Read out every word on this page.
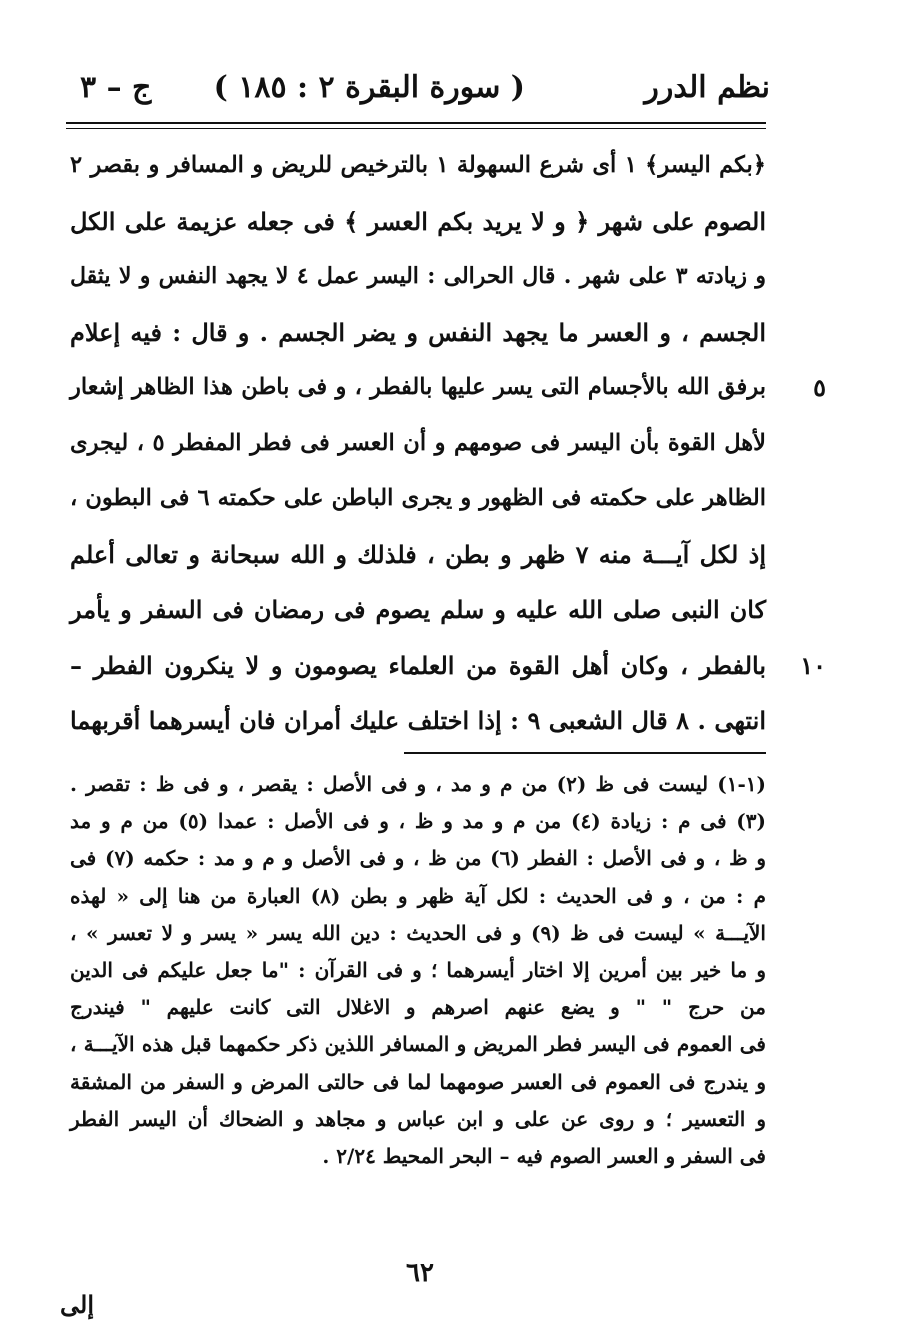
نظم الدرر
( سورة البقرة ٢ : ١٨٥ )
ج – ٣
﴿بكم اليسر﴾ ١ أى شرع السهولة ١ بالترخيص للريض و المسافر و بقصر ٢
الصوم على شهر ﴿ و لا يريد بكم العسر ﴾ فى جعله عزيمة على الكل
و زيادته ٣ على شهر . قال الحرالى : اليسر عمل ٤ لا يجهد النفس و لا يثقل
الجسم ، و العسر ما يجهد النفس و يضر الجسم . و قال : فيه إعلام
٥
برفق الله بالأجسام التى يسر عليها بالفطر ، و فى باطن هذا الظاهر إشعار
لأهل القوة بأن اليسر فى صومهم و أن العسر فى فطر المفطر ٥ ، ليجرى
الظاهر على حكمته فى الظهور و يجرى الباطن على حكمته ٦ فى البطون ،
إذ لكل آيـــة منه ٧ ظهر و بطن ، فلذلك و الله سبحانة و تعالى أعلم
كان النبى صلى الله عليه و سلم يصوم فى رمضان فى السفر و يأمر
١٠
بالفطر ، وكان أهل القوة من العلماء يصومون و لا ينكرون الفطر –
انتهى . ٨ قال الشعبى ٩ : إذا اختلف عليك أمران فان أيسرهما أقربهما
(١-١) ليست فى ظ (٢) من م و مد ، و فى الأصل : يقصر ، و فى ظ : تقصر .
(٣) فى م : زيادة (٤) من م و مد و ظ ، و فى الأصل : عمدا (٥) من م و مد
و ظ ، و فى الأصل : الفطر (٦) من ظ ، و فى الأصل و م و مد : حكمه (٧) فى
م : من ، و فى الحديث : لكل آية ظهر و بطن (٨) العبارة من هنا إلى « لهذه
الآيـــة » ليست فى ظ (٩) و فى الحديث : دين الله يسر « يسر و لا تعسر » ،
و ما خير بين أمرين إلا اختار أيسرهما ؛ و فى القرآن : "ما جعل عليكم فى الدين
من حرج " " و يضع عنهم اصرهم و الاغلال التى كانت عليهم " فيندرج
فى العموم فى اليسر فطر المريض و المسافر اللذين ذكر حكمهما قبل هذه الآيـــة ،
و يندرج فى العموم فى العسر صومهما لما فى حالتى المرض و السفر من المشقة
و التعسير ؛ و روى عن على و ابن عباس و مجاهد و الضحاك أن اليسر الفطر
فى السفر و العسر الصوم فيه – البحر المحيط ٢/٢٤ .
٦٢
إلى
